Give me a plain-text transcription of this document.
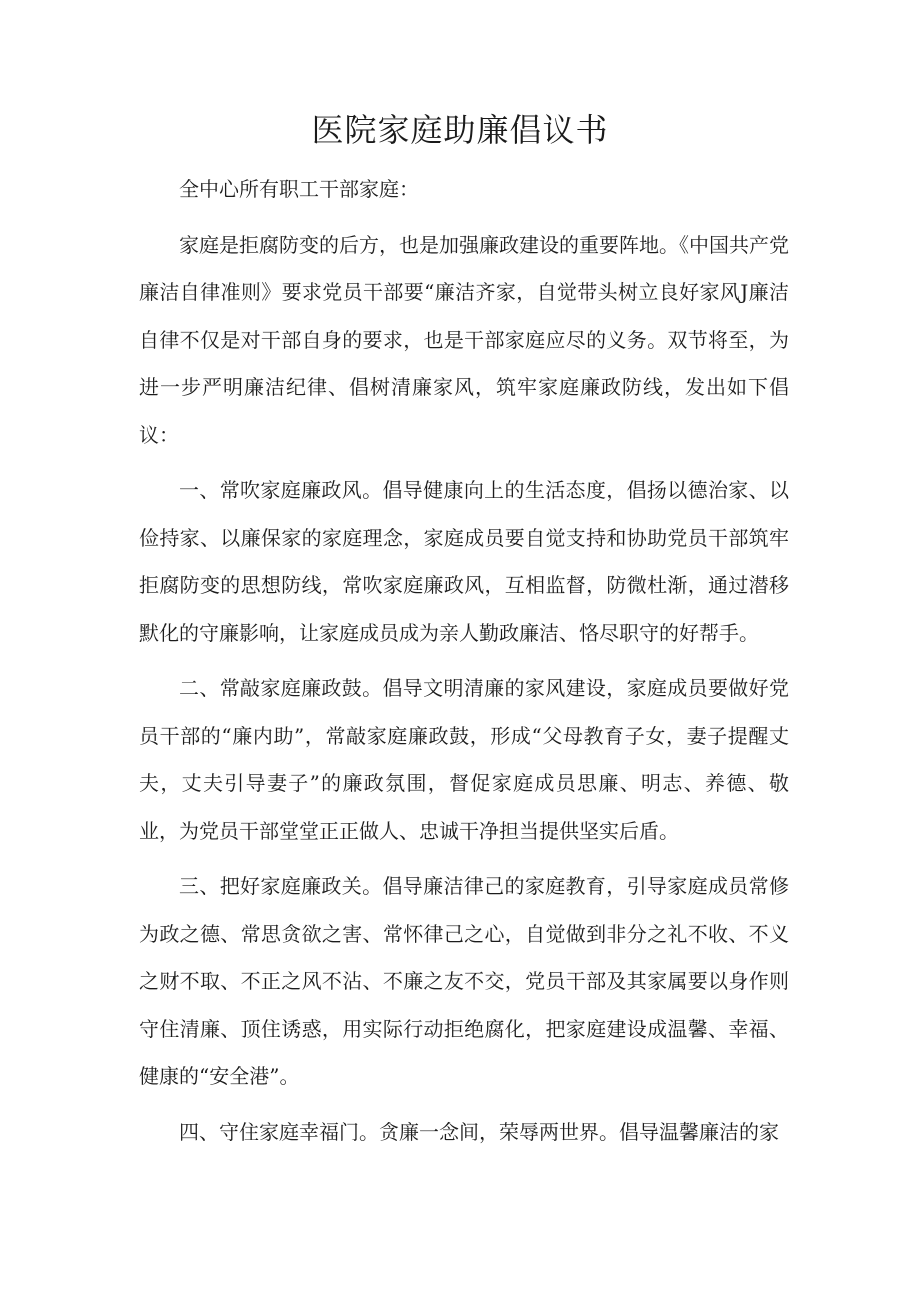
医院家庭助廉倡议书

全中心所有职工干部家庭：

家庭是拒腐防变的后方，也是加强廉政建设的重要阵地。《中国共产党廉洁自律准则》要求党员干部要“廉洁齐家，自觉带头树立良好家风J廉洁自律不仅是对干部自身的要求，也是干部家庭应尽的义务。双节将至，为进一步严明廉洁纪律、倡树清廉家风，筑牢家庭廉政防线，发出如下倡议：

一、常吹家庭廉政风。倡导健康向上的生活态度，倡扬以德治家、以俭持家、以廉保家的家庭理念，家庭成员要自觉支持和协助党员干部筑牢拒腐防变的思想防线，常吹家庭廉政风，互相监督，防微杜渐，通过潜移默化的守廉影响，让家庭成员成为亲人勤政廉洁、恪尽职守的好帮手。

二、常敲家庭廉政鼓。倡导文明清廉的家风建设，家庭成员要做好党员干部的“廉内助”，常敲家庭廉政鼓，形成“父母教育子女，妻子提醒丈夫，丈夫引导妻子”的廉政氛围，督促家庭成员思廉、明志、养德、敬业，为党员干部堂堂正正做人、忠诚干净担当提供坚实后盾。

三、把好家庭廉政关。倡导廉洁律己的家庭教育，引导家庭成员常修为政之德、常思贪欲之害、常怀律己之心，自觉做到非分之礼不收、不义之财不取、不正之风不沾、不廉之友不交，党员干部及其家属要以身作则守住清廉、顶住诱惑，用实际行动拒绝腐化，把家庭建设成温馨、幸福、健康的“安全港”。

四、守住家庭幸福门。贪廉一念间，荣辱两世界。倡导温馨廉洁的家
